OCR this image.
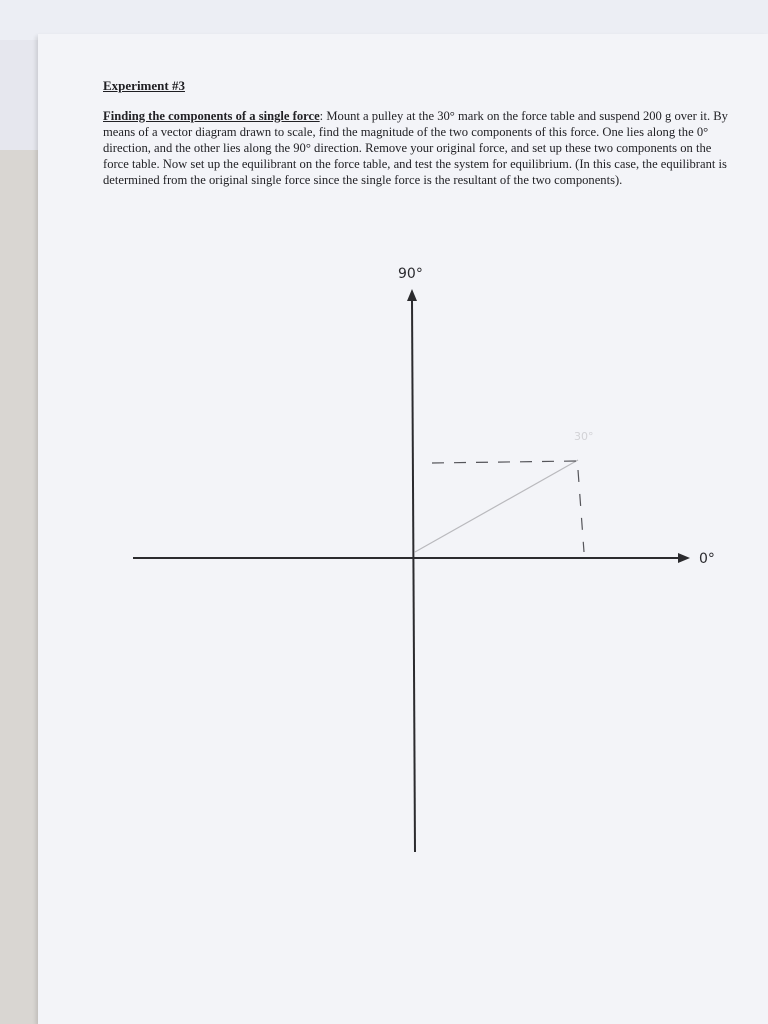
Experiment #3

Finding the components of a single force: Mount a pulley at the 30° mark on the force table and suspend 200 g over it. By means of a vector diagram drawn to scale, find the magnitude of the two components of this force. One lies along the 0° direction, and the other lies along the 90° direction. Remove your original force, and set up these two components on the force table. Now set up the equilibrant on the force table, and test the system for equilibrium. (In this case, the equilibrant is determined from the original single force since the single force is the resultant of the two components).

90°
0°
30°
